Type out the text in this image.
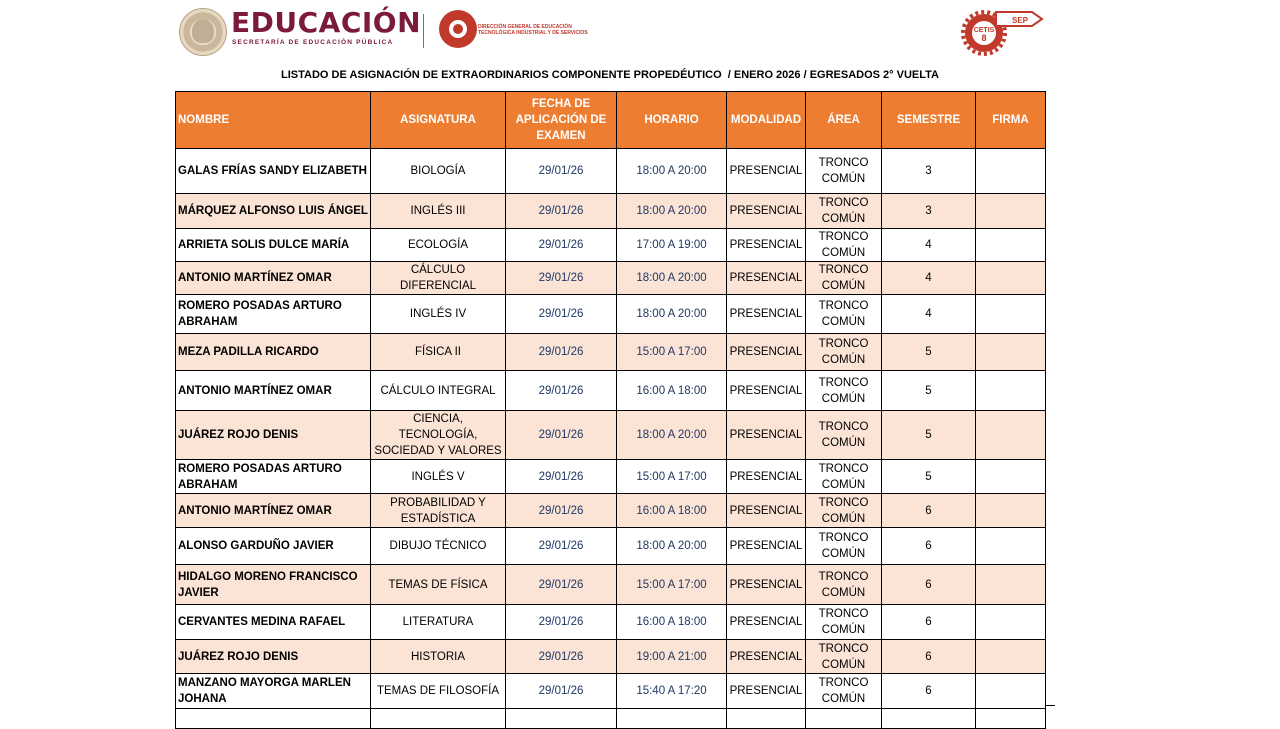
EDUCACIÓN
SECRETARÍA DE EDUCACIÓN PÚBLICA
DIRECCIÓN GENERAL DE EDUCACIÓN TECNOLÓGICA INDUSTRIAL Y DE SERVICIOS
SEP
CETIS
8
LISTADO DE ASIGNACIÓN DE EXTRAORDINARIOS COMPONENTE PROPEDÉUTICO  / ENERO 2026 / EGRESADOS 2° VUELTA
NOMBRE	ASIGNATURA	FECHA DE APLICACIÓN DE EXAMEN	HORARIO	MODALIDAD	ÁREA	SEMESTRE	FIRMA
GALAS FRÍAS SANDY ELIZABETH	BIOLOGÍA	29/01/26	18:00 A 20:00	PRESENCIAL	TRONCO COMÚN	3	
MÁRQUEZ ALFONSO LUIS ÁNGEL	INGLÉS III	29/01/26	18:00 A 20:00	PRESENCIAL	TRONCO COMÚN	3	
ARRIETA SOLIS DULCE MARÍA	ECOLOGÍA	29/01/26	17:00 A 19:00	PRESENCIAL	TRONCO COMÚN	4	
ANTONIO MARTÍNEZ OMAR	CÁLCULO DIFERENCIAL	29/01/26	18:00 A 20:00	PRESENCIAL	TRONCO COMÚN	4	
ROMERO POSADAS ARTURO ABRAHAM	INGLÉS IV	29/01/26	18:00 A 20:00	PRESENCIAL	TRONCO COMÚN	4	
MEZA PADILLA RICARDO	FÍSICA II	29/01/26	15:00 A 17:00	PRESENCIAL	TRONCO COMÚN	5	
ANTONIO MARTÍNEZ OMAR	CÁLCULO INTEGRAL	29/01/26	16:00 A 18:00	PRESENCIAL	TRONCO COMÚN	5	
JUÁREZ ROJO DENIS	CIENCIA, TECNOLOGÍA, SOCIEDAD Y VALORES	29/01/26	18:00 A 20:00	PRESENCIAL	TRONCO COMÚN	5	
ROMERO POSADAS ARTURO ABRAHAM	INGLÉS V	29/01/26	15:00 A 17:00	PRESENCIAL	TRONCO COMÚN	5	
ANTONIO MARTÍNEZ OMAR	PROBABILIDAD Y ESTADÍSTICA	29/01/26	16:00 A 18:00	PRESENCIAL	TRONCO COMÚN	6	
ALONSO GARDUÑO JAVIER	DIBUJO TÉCNICO	29/01/26	18:00 A 20:00	PRESENCIAL	TRONCO COMÚN	6	
HIDALGO MORENO FRANCISCO JAVIER	TEMAS DE FÍSICA	29/01/26	15:00 A 17:00	PRESENCIAL	TRONCO COMÚN	6	
CERVANTES MEDINA RAFAEL	LITERATURA	29/01/26	16:00 A 18:00	PRESENCIAL	TRONCO COMÚN	6	
JUÁREZ ROJO DENIS	HISTORIA	29/01/26	19:00 A 21:00	PRESENCIAL	TRONCO COMÚN	6	
MANZANO MAYORGA MARLEN JOHANA	TEMAS DE FILOSOFÍA	29/01/26	15:40 A 17:20	PRESENCIAL	TRONCO COMÚN	6	
